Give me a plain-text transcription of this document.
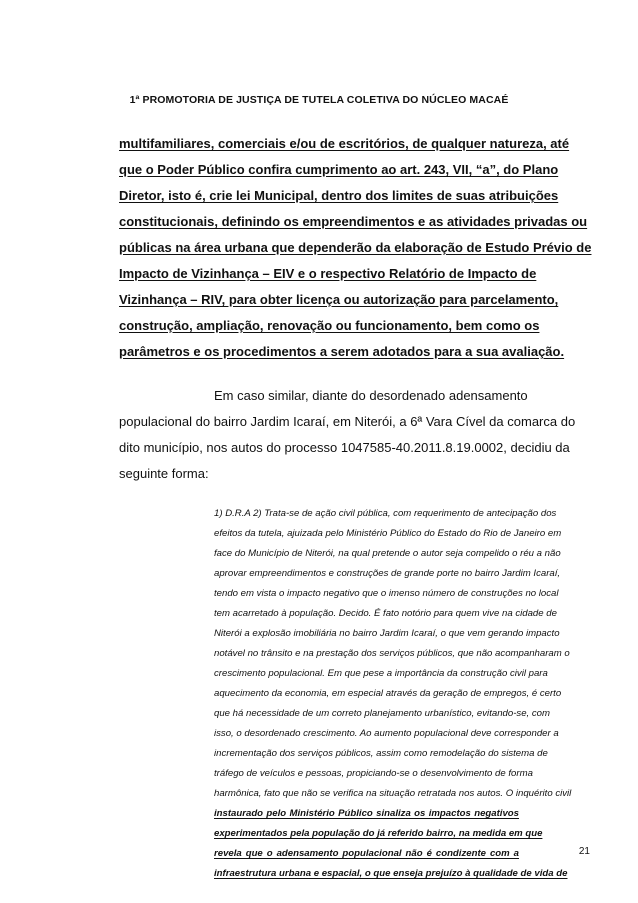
1ª PROMOTORIA DE JUSTIÇA DE TUTELA COLETIVA DO NÚCLEO MACAÉ
multifamiliares, comerciais e/ou de escritórios, de qualquer natureza, até
que o Poder Público confira cumprimento ao art. 243, VII, “a”, do Plano
Diretor, isto é, crie lei Municipal, dentro dos limites de suas atribuições
constitucionais, definindo os empreendimentos e as atividades privadas ou
públicas na área urbana que dependerão da elaboração de Estudo Prévio de
Impacto de Vizinhança – EIV e o respectivo Relatório de Impacto de
Vizinhança – RIV, para obter licença ou autorização para parcelamento,
construção, ampliação, renovação ou funcionamento, bem como os
parâmetros e os procedimentos a serem adotados para a sua avaliação.
Em caso similar, diante do desordenado adensamento
populacional do bairro Jardim Icaraí, em Niterói, a 6ª Vara Cível da comarca do
dito município, nos autos do processo 1047585-40.2011.8.19.0002, decidiu da
seguinte forma:
1) D.R.A 2) Trata-se de ação civil pública, com requerimento de antecipação dos
efeitos da tutela, ajuizada pelo Ministério Público do Estado do Rio de Janeiro em
face do Município de Niterói, na qual pretende o autor seja compelido o réu a não
aprovar empreendimentos e construções de grande porte no bairro Jardim Icaraí,
tendo em vista o impacto negativo que o imenso número de construções no local
tem acarretado à população. Decido. É fato notório para quem vive na cidade de
Niterói a explosão imobiliária no bairro Jardim Icaraí, o que vem gerando impacto
notável no trânsito e na prestação dos serviços públicos, que não acompanharam o
crescimento populacional. Em que pese a importância da construção civil para
aquecimento da economia, em especial através da geração de empregos, é certo
que há necessidade de um correto planejamento urbanístico, evitando-se, com
isso, o desordenado crescimento. Ao aumento populacional deve corresponder a
incrementação dos serviços públicos, assim como remodelação do sistema de
tráfego de veículos e pessoas, propiciando-se o desenvolvimento de forma
harmônica, fato que não se verifica na situação retratada nos autos. O inquérito civil
instaurado pelo Ministério Público sinaliza os impactos negativos
experimentados pela população do já referido bairro, na medida em que
revela que o adensamento populacional não é condizente com a
infraestrutura urbana e espacial, o que enseja prejuízo à qualidade de vida de
21
